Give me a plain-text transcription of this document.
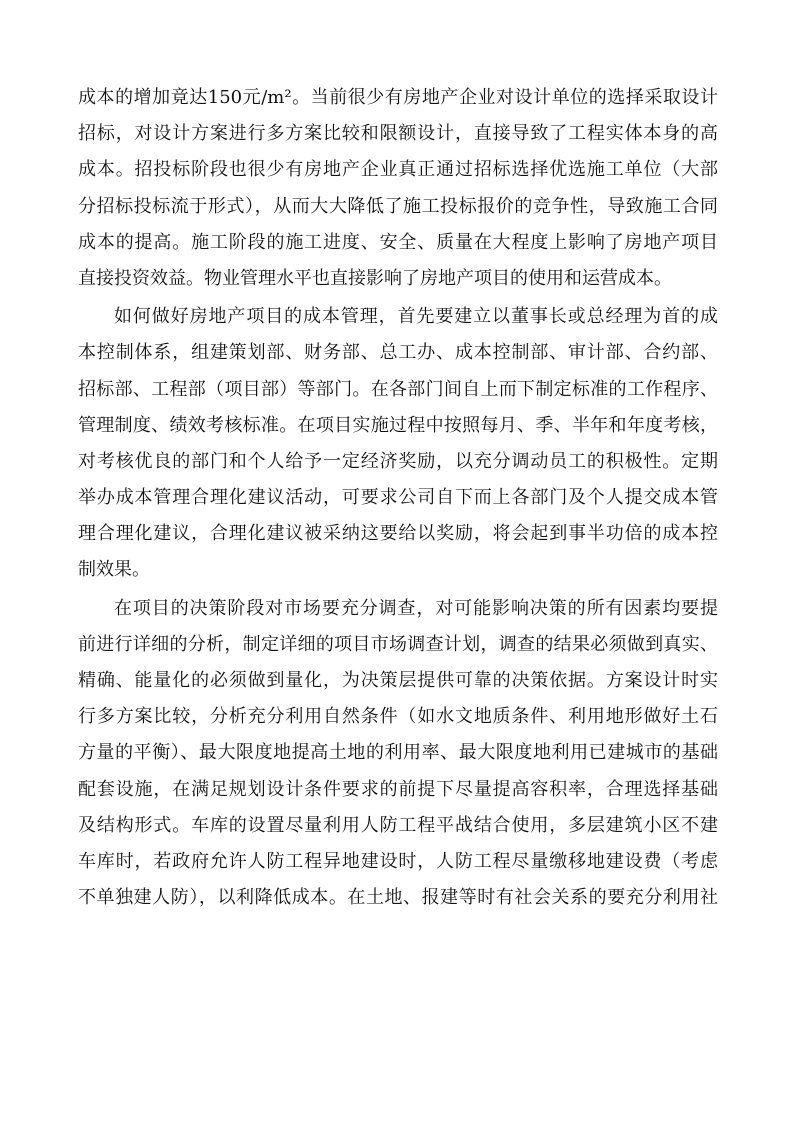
成本的增加竟达150元/m²。当前很少有房地产企业对设计单位的选择采取设计
招标，对设计方案进行多方案比较和限额设计，直接导致了工程实体本身的高
成本。招投标阶段也很少有房地产企业真正通过招标选择优选施工单位（大部
分招标投标流于形式），从而大大降低了施工投标报价的竞争性，导致施工合同
成本的提高。施工阶段的施工进度、安全、质量在大程度上影响了房地产项目
直接投资效益。物业管理水平也直接影响了房地产项目的使用和运营成本。
如何做好房地产项目的成本管理，首先要建立以董事长或总经理为首的成
本控制体系，组建策划部、财务部、总工办、成本控制部、审计部、合约部、
招标部、工程部（项目部）等部门。在各部门间自上而下制定标准的工作程序、
管理制度、绩效考核标准。在项目实施过程中按照每月、季、半年和年度考核，
对考核优良的部门和个人给予一定经济奖励，以充分调动员工的积极性。定期
举办成本管理合理化建议活动，可要求公司自下而上各部门及个人提交成本管
理合理化建议，合理化建议被采纳这要给以奖励，将会起到事半功倍的成本控
制效果。
在项目的决策阶段对市场要充分调查，对可能影响决策的所有因素均要提
前进行详细的分析，制定详细的项目市场调查计划，调查的结果必须做到真实、
精确、能量化的必须做到量化，为决策层提供可靠的决策依据。方案设计时实
行多方案比较，分析充分利用自然条件（如水文地质条件、利用地形做好土石
方量的平衡）、最大限度地提高土地的利用率、最大限度地利用已建城市的基础
配套设施，在满足规划设计条件要求的前提下尽量提高容积率，合理选择基础
及结构形式。车库的设置尽量利用人防工程平战结合使用，多层建筑小区不建
车库时，若政府允许人防工程异地建设时，人防工程尽量缴移地建设费（考虑
不单独建人防），以利降低成本。在土地、报建等时有社会关系的要充分利用社
